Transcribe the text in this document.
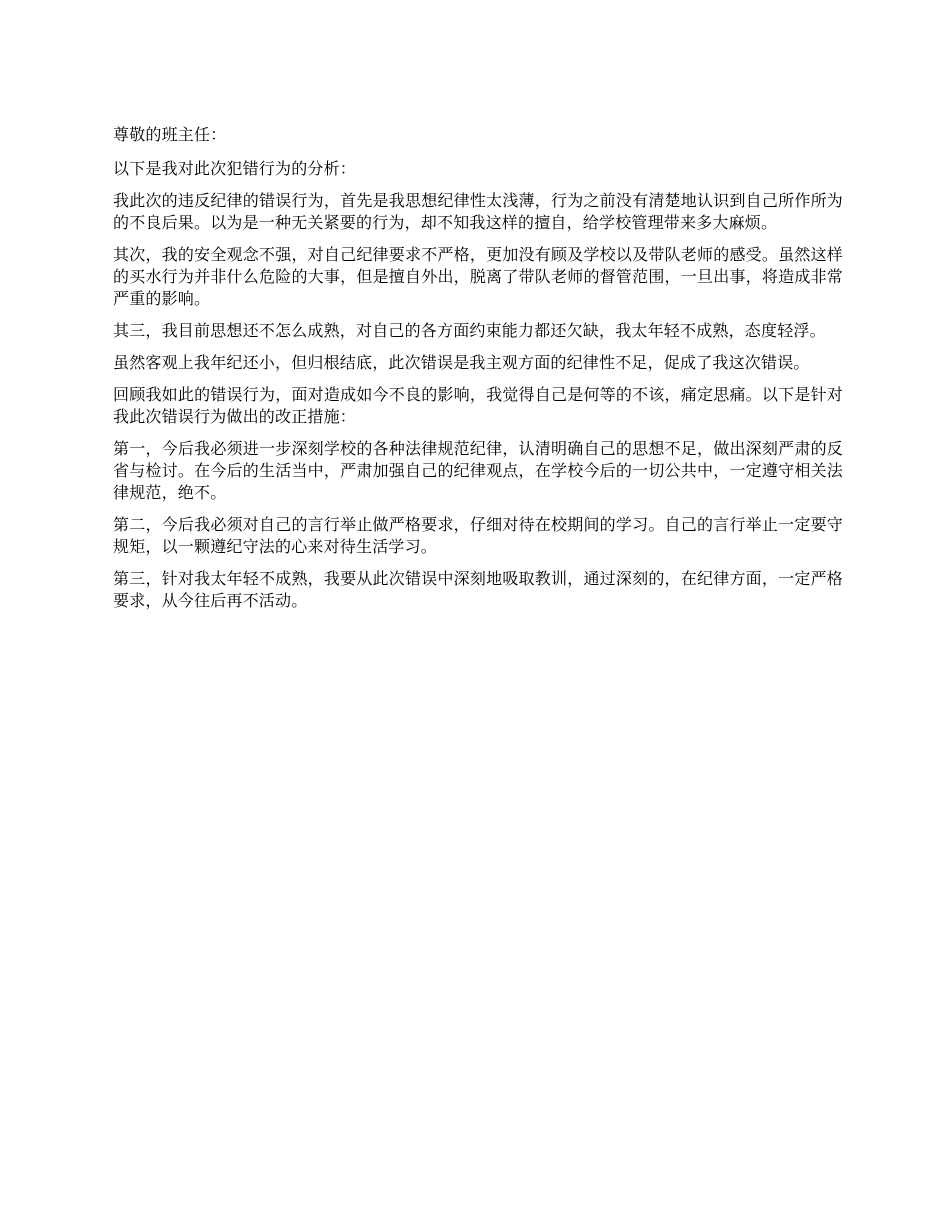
尊敬的班主任：

以下是我对此次犯错行为的分析：

我此次的违反纪律的错误行为，首先是我思想纪律性太浅薄，行为之前没有清楚地认识到自己所作所为的不良后果。以为是一种无关紧要的行为，却不知我这样的擅自，给学校管理带来多大麻烦。

其次，我的安全观念不强，对自己纪律要求不严格，更加没有顾及学校以及带队老师的感受。虽然这样的买水行为并非什么危险的大事，但是擅自外出，脱离了带队老师的督管范围，一旦出事，将造成非常严重的影响。

其三，我目前思想还不怎么成熟，对自己的各方面约束能力都还欠缺，我太年轻不成熟，态度轻浮。

虽然客观上我年纪还小，但归根结底，此次错误是我主观方面的纪律性不足，促成了我这次错误。

回顾我如此的错误行为，面对造成如今不良的影响，我觉得自己是何等的不该，痛定思痛。以下是针对我此次错误行为做出的改正措施：

第一，今后我必须进一步深刻学校的各种法律规范纪律，认清明确自己的思想不足，做出深刻严肃的反省与检讨。在今后的生活当中，严肃加强自己的纪律观点，在学校今后的一切公共中，一定遵守相关法律规范，绝不。

第二，今后我必须对自己的言行举止做严格要求，仔细对待在校期间的学习。自己的言行举止一定要守规矩，以一颗遵纪守法的心来对待生活学习。

第三，针对我太年轻不成熟，我要从此次错误中深刻地吸取教训，通过深刻的，在纪律方面，一定严格要求，从今往后再不活动。
